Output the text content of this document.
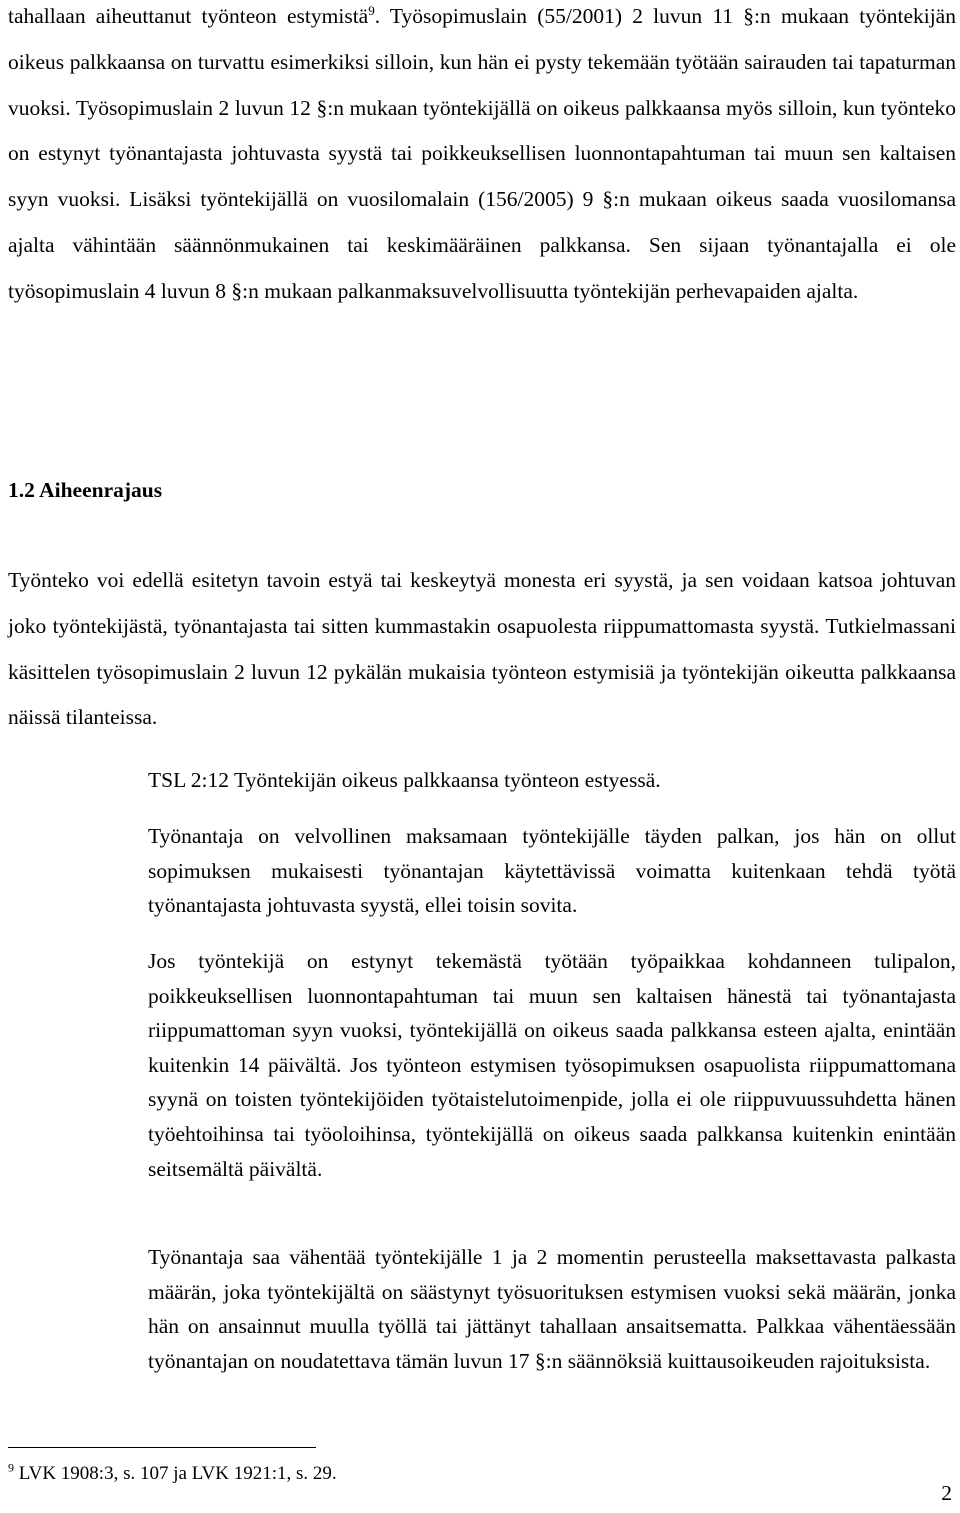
tahallaan aiheuttanut työnteon estymistä$^9$. Työsopimuslain (55/2001) 2 luvun 11 §:n mukaan työntekijän oikeus palkkaansa on turvattu esimerkiksi silloin, kun hän ei pysty tekemään työtään sairauden tai tapaturman vuoksi. Työsopimuslain 2 luvun 12 §:n mukaan työntekijällä on oikeus palkkaansa myös silloin, kun työnteko on estynyt työnantajasta johtuvasta syystä tai poikkeuksellisen luonnontapahtuman tai muun sen kaltaisen syyn vuoksi. Lisäksi työntekijällä on vuosilomalain (156/2005) 9 §:n mukaan oikeus saada vuosilomansa ajalta vähintään säännönmukainen tai keskimääräinen palkkansa. Sen sijaan työnantajalla ei ole työsopimuslain 4 luvun 8 §:n mukaan palkanmaksuvelvollisuutta työntekijän perhevapaiden ajalta.

1.2 Aiheenrajaus

Työnteko voi edellä esitetyn tavoin estyä tai keskeytyä monesta eri syystä, ja sen voidaan katsoa johtuvan joko työntekijästä, työnantajasta tai sitten kummastakin osapuolesta riippumattomasta syystä. Tutkielmassani käsittelen työsopimuslain 2 luvun 12 pykälän mukaisia työnteon estymisiä ja työntekijän oikeutta palkkaansa näissä tilanteissa.

TSL 2:12 Työntekijän oikeus palkkaansa työnteon estyessä.

Työnantaja on velvollinen maksamaan työntekijälle täyden palkan, jos hän on ollut sopimuksen mukaisesti työnantajan käytettävissä voimatta kuitenkaan tehdä työtä työnantajasta johtuvasta syystä, ellei toisin sovita.

Jos työntekijä on estynyt tekemästä työtään työpaikkaa kohdanneen tulipalon, poikkeuksellisen luonnontapahtuman tai muun sen kaltaisen hänestä tai työnantajasta riippumattoman syyn vuoksi, työntekijällä on oikeus saada palkkansa esteen ajalta, enintään kuitenkin 14 päivältä. Jos työnteon estymisen työsopimuksen osapuolista riippumattomana syynä on toisten työntekijöiden työtaistelutoimenpide, jolla ei ole riippuvuussuhdetta hänen työehtoihinsa tai työoloihinsa, työntekijällä on oikeus saada palkkansa kuitenkin enintään seitsemältä päivältä.

Työnantaja saa vähentää työntekijälle 1 ja 2 momentin perusteella maksettavasta palkasta määrän, joka työntekijältä on säästynyt työsuorituksen estymisen vuoksi sekä määrän, jonka hän on ansainnut muulla työllä tai jättänyt tahallaan ansaitsematta. Palkkaa vähentäessään työnantajan on noudatettava tämän luvun 17 §:n säännöksiä kuittausoikeuden rajoituksista.

$^9$ LVK 1908:3, s. 107 ja LVK 1921:1, s. 29.

2
